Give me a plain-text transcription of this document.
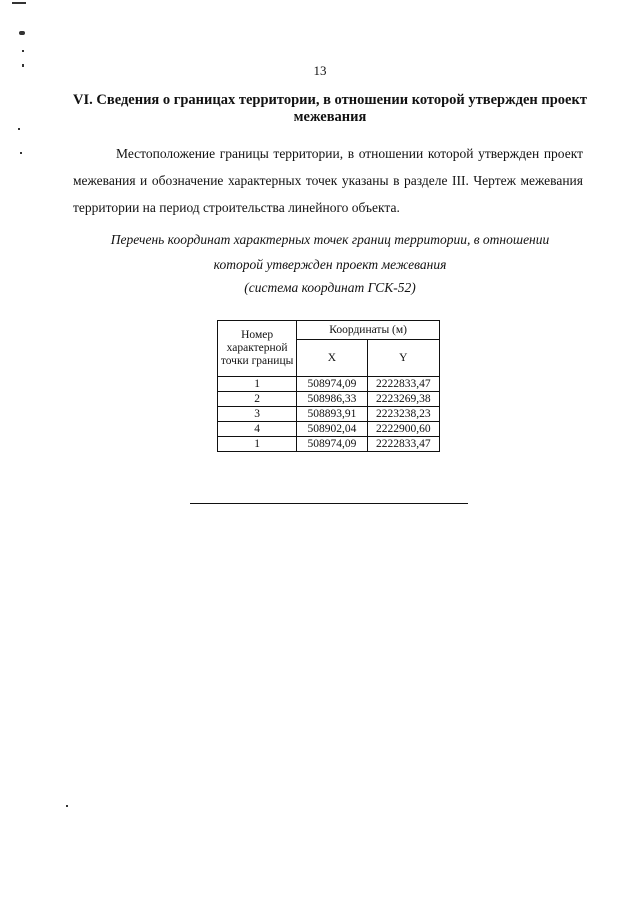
13
VI. Сведения о границах территории, в отношении которой утвержден проект
межевания
Местоположение границы территории, в отношении которой утвержден проект межевания и обозначение характерных точек указаны в разделе III. Чертеж межевания территории на период строительства линейного объекта.
Перечень координат характерных точек границ территории, в отношении
которой утвержден проект межевания
(система координат ГСК-52)
Номер характерной точки границы	Координаты (м)	
	X	Y
1	508974,09	2222833,47
2	508986,33	2223269,38
3	508893,91	2223238,23
4	508902,04	2222900,60
1	508974,09	2222833,47
